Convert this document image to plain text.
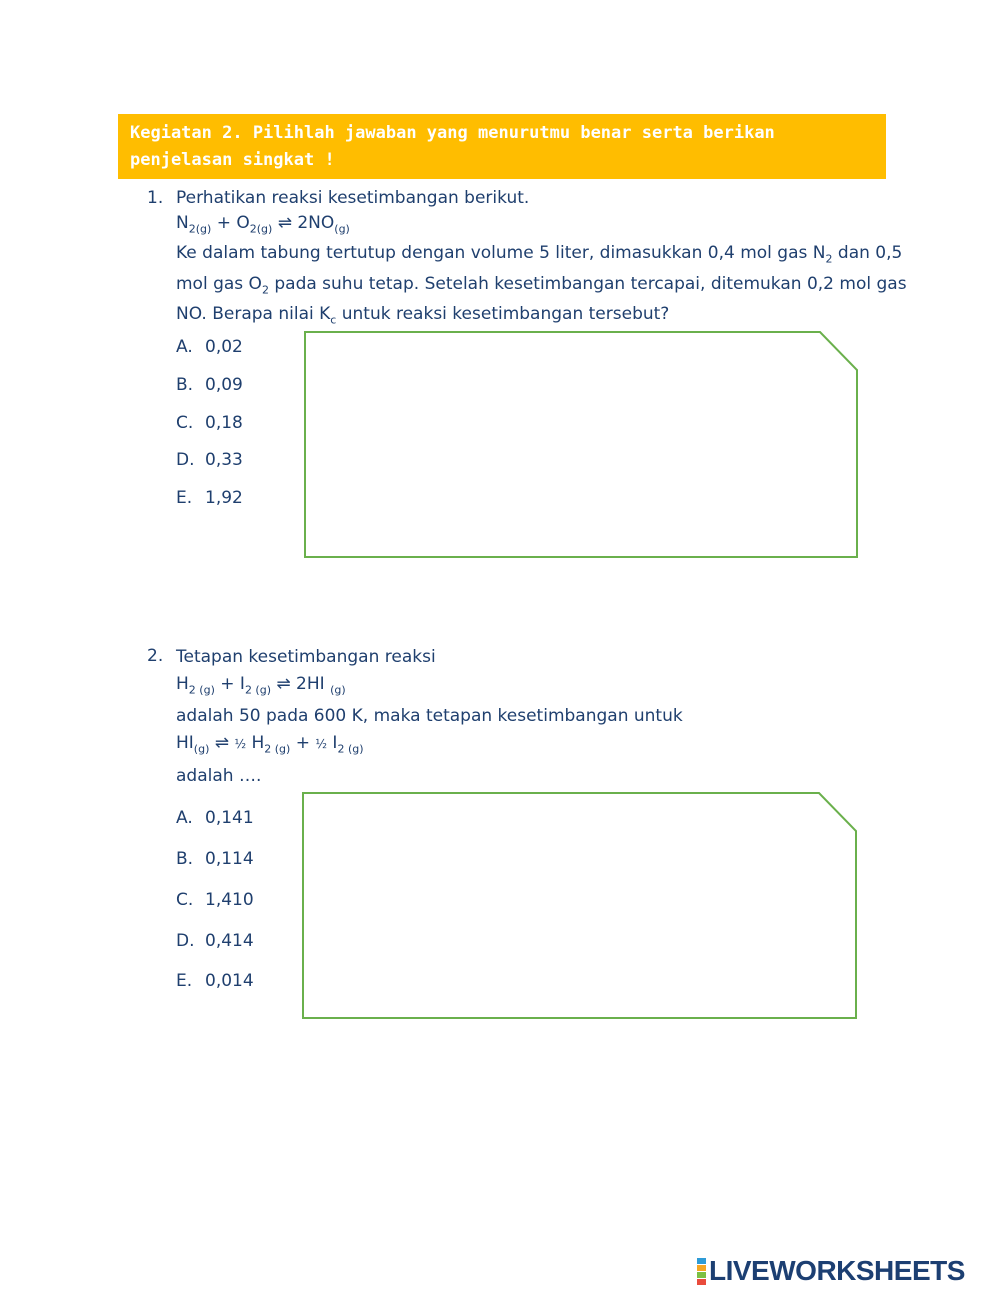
Kegiatan 2. Pilihlah jawaban yang menurutmu benar serta berikan penjelasan singkat !

1. Perhatikan reaksi kesetimbangan berikut.

$N_{2(g)} + O_{2(g)}$ ⇌ $2NO_{(g)}$

Ke dalam tabung tertutup dengan volume 5 liter, dimasukkan 0,4 mol gas $N_2$ dan 0,5

mol gas $O_2$ pada suhu tetap. Setelah kesetimbangan tercapai, ditemukan 0,2 mol gas

NO. Berapa nilai $K_c$ untuk reaksi kesetimbangan tersebut?

A. 0,02
B. 0,09
C. 0,18
D. 0,33
E. 1,92
2. Tetapan kesetimbangan reaksi

$H_{2 (g)} + I_{2 (g)}$ ⇌ 2HI $_{(g)}$

adalah 50 pada 600 K, maka tetapan kesetimbangan untuk

$HI_{(g)}$ ⇌ ½ $H_{2 (g)}$ + ½ $I_{2 (g)}$

adalah ….

A. 0,141
B. 0,114
C. 1,410
D. 0,414
E. 0,014
LIVEWORKSHEETS
